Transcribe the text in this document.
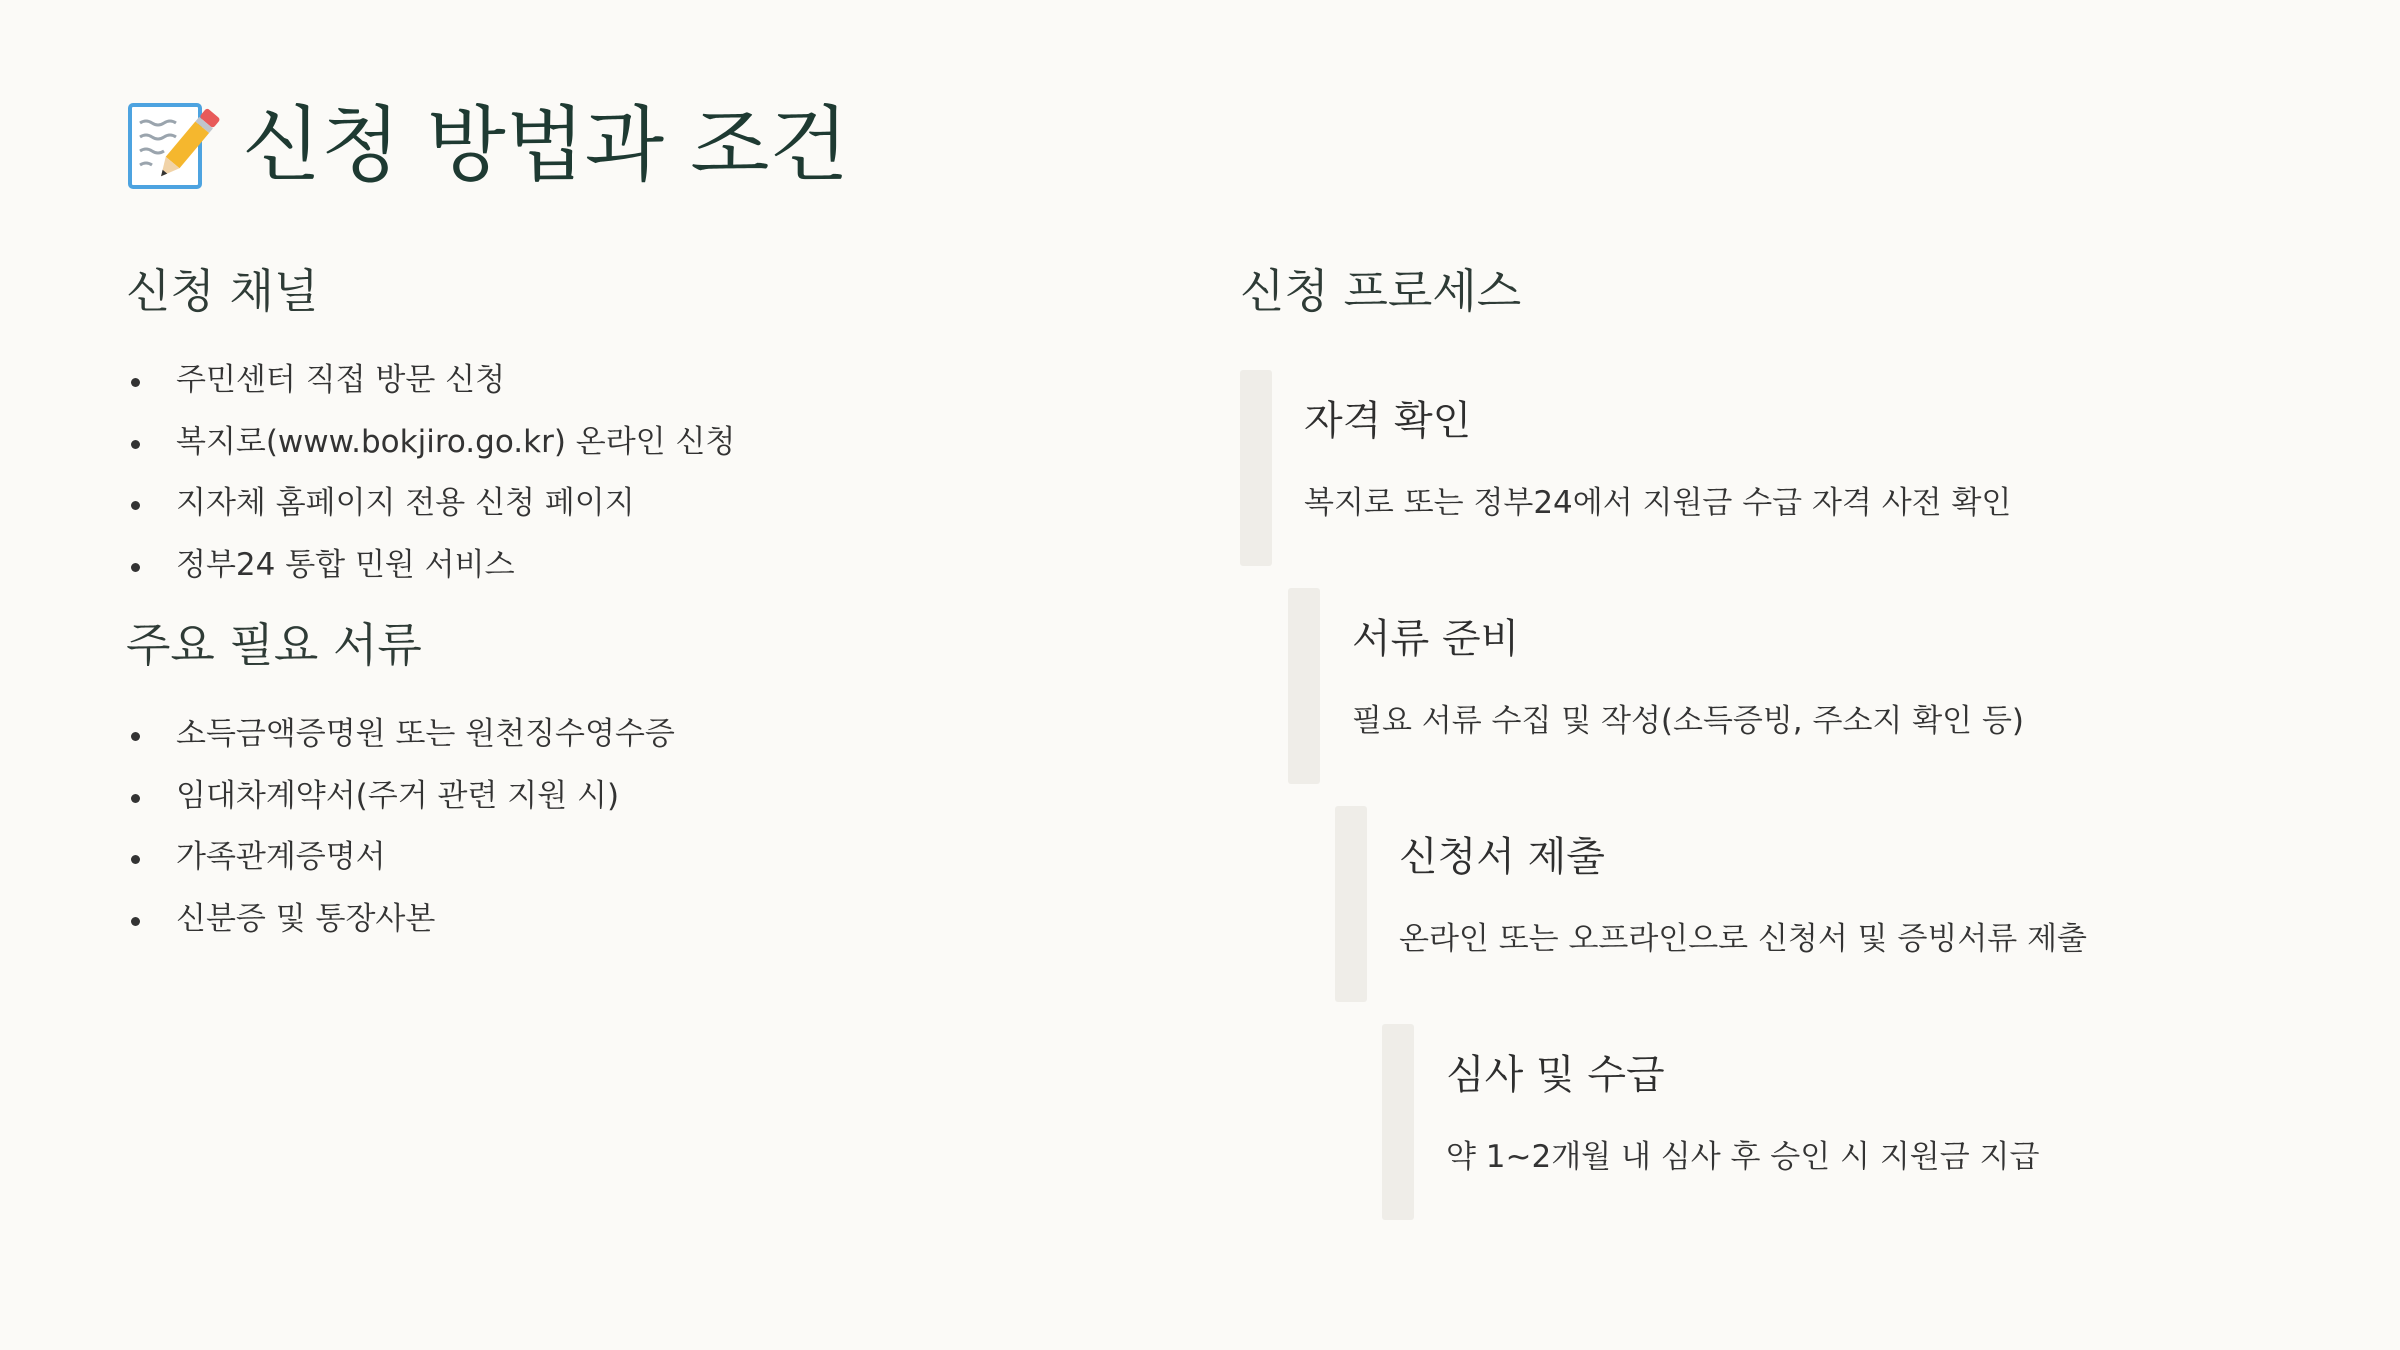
신청 방법과 조건
신청 채널
주민센터 직접 방문 신청
복지로(www.bokjiro.go.kr) 온라인 신청
지자체 홈페이지 전용 신청 페이지
정부24 통합 민원 서비스
주요 필요 서류
소득금액증명원 또는 원천징수영수증
임대차계약서(주거 관련 지원 시)
가족관계증명서
신분증 및 통장사본
신청 프로세스
자격 확인
복지로 또는 정부24에서 지원금 수급 자격 사전 확인
서류 준비
필요 서류 수집 및 작성(소득증빙, 주소지 확인 등)
신청서 제출
온라인 또는 오프라인으로 신청서 및 증빙서류 제출
심사 및 수급
약 1~2개월 내 심사 후 승인 시 지원금 지급
